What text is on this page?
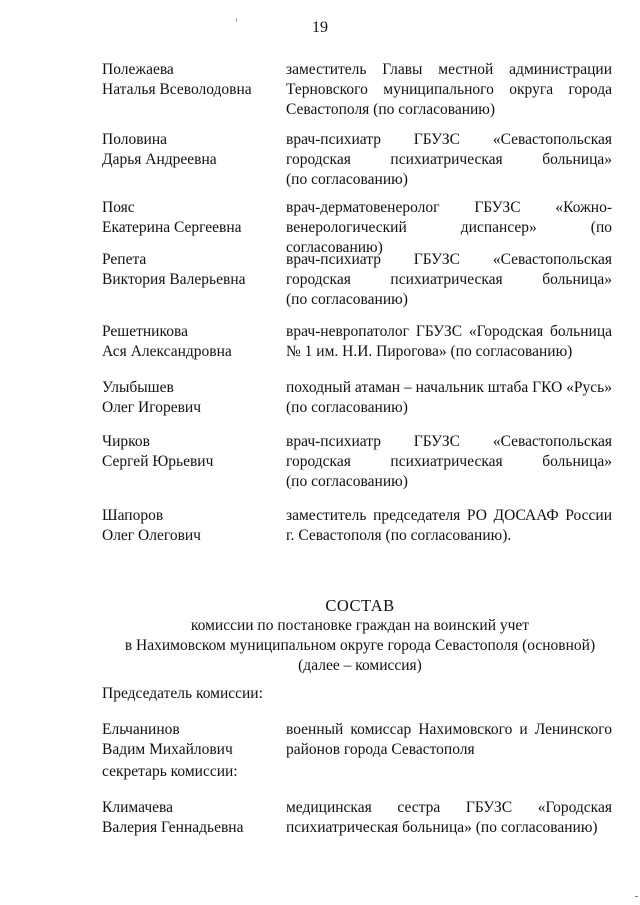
19
Полежаева
Наталья Всеволодовна
заместитель Главы местной администрации
Терновского муниципального округа города
Севастополя (по согласованию)
Половина
Дарья Андреевна
врач-психиатр ГБУЗС «Севастопольская
городская психиатрическая больница»
(по согласованию)
Пояс
Екатерина Сергеевна
врач-дерматовенеролог ГБУЗС «Кожно-
венерологический диспансер» (по согласованию)
Репета
Виктория Валерьевна
врач-психиатр ГБУЗС «Севастопольская
городская психиатрическая больница»
(по согласованию)
Решетникова
Ася Александровна
врач-невропатолог ГБУЗС «Городская больница
№ 1 им. Н.И. Пирогова» (по согласованию)
Улыбышев
Олег Игоревич
походный атаман – начальник штаба ГКО «Русь»
(по согласованию)
Чирков
Сергей Юрьевич
врач-психиатр ГБУЗС «Севастопольская
городская психиатрическая больница»
(по согласованию)
Шапоров
Олег Олегович
заместитель председателя РО ДОСААФ России
г. Севастополя (по согласованию).
СОСТАВ
комиссии по постановке граждан на воинский учет
в Нахимовском муниципальном округе города Севастополя (основной)
(далее – комиссия)
Председатель комиссии:
Ельчанинов
Вадим Михайлович
военный комиссар Нахимовского и Ленинского
районов города Севастополя
секретарь комиссии:
Климачева
Валерия Геннадьевна
медицинская сестра ГБУЗС «Городская
психиатрическая больница» (по согласованию)
